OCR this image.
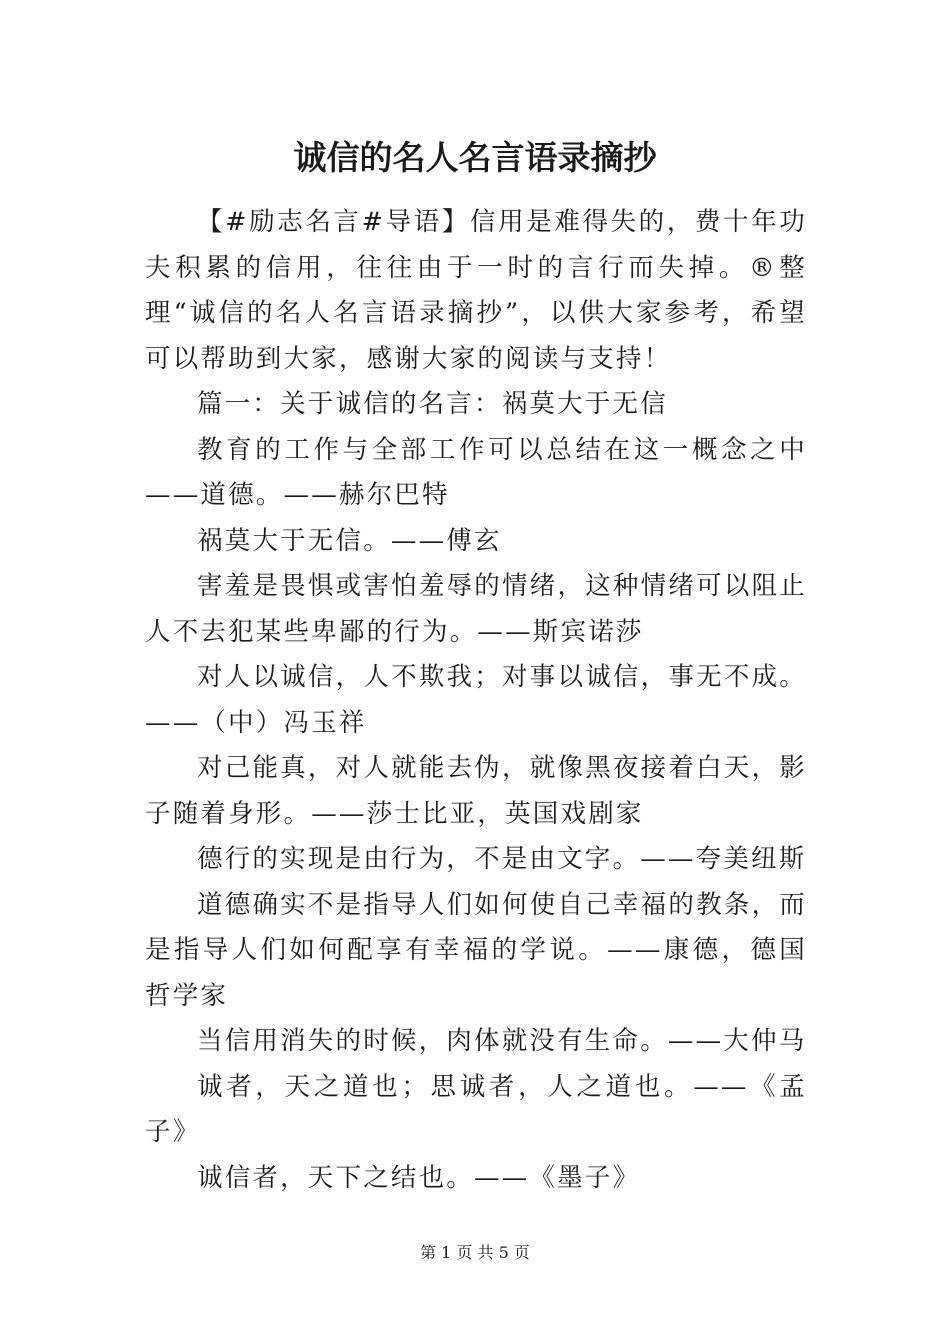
诚信的名人名言语录摘抄

【#励志名言#导语】信用是难得失的，费十年功夫积累的信用，往往由于一时的言行而失掉。®整理“诚信的名人名言语录摘抄”，以供大家参考，希望可以帮助到大家，感谢大家的阅读与支持！

篇一：关于诚信的名言：祸莫大于无信

教育的工作与全部工作可以总结在这一概念之中——道德。——赫尔巴特

祸莫大于无信。——傅玄

害羞是畏惧或害怕羞辱的情绪，这种情绪可以阻止人不去犯某些卑鄙的行为。——斯宾诺莎

对人以诚信，人不欺我；对事以诚信，事无不成。——（中）冯玉祥

对己能真，对人就能去伪，就像黑夜接着白天，影子随着身形。——莎士比亚，英国戏剧家

德行的实现是由行为，不是由文字。——夸美纽斯

道德确实不是指导人们如何使自己幸福的教条，而是指导人们如何配享有幸福的学说。——康德，德国哲学家

当信用消失的时候，肉体就没有生命。——大仲马

诚者，天之道也；思诚者，人之道也。——《孟子》

诚信者，天下之结也。——《墨子》

第 1 页 共 5 页
